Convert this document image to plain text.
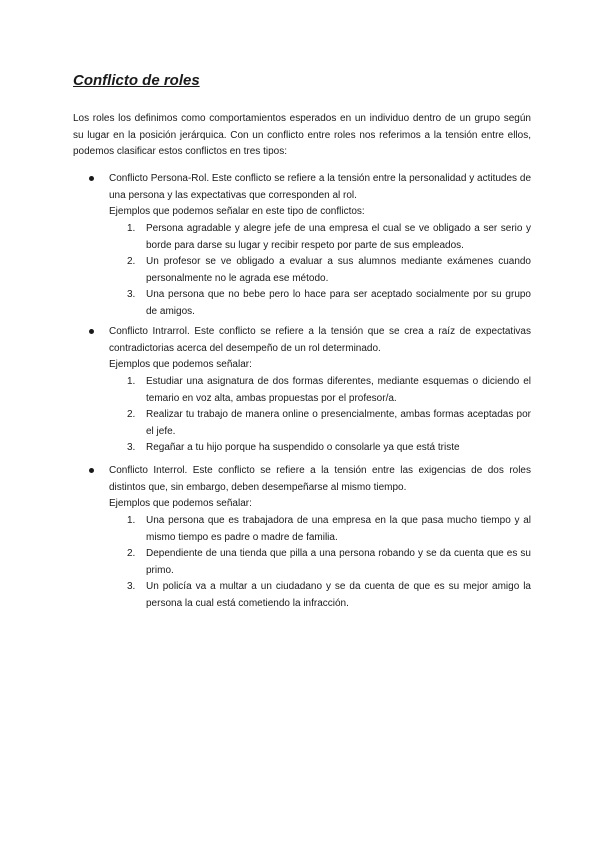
Conflicto de roles

Los roles los definimos como comportamientos esperados en un individuo dentro de un grupo según su lugar en la posición jerárquica. Con un conflicto entre roles nos referimos a la tensión entre ellos, podemos clasificar estos conflictos en tres tipos:

Conflicto Persona-Rol. Este conflicto se refiere a la tensión entre la personalidad y actitudes de una persona y las expectativas que corresponden al rol.

Ejemplos que podemos señalar en este tipo de conflictos:

1. Persona agradable y alegre jefe de una empresa el cual se ve obligado a ser serio y borde para darse su lugar y recibir respeto por parte de sus empleados.

2. Un profesor se ve obligado a evaluar a sus alumnos mediante exámenes cuando personalmente no le agrada ese método.

3. Una persona que no bebe pero lo hace para ser aceptado socialmente por su grupo de amigos.

Conflicto Intrarrol. Este conflicto se refiere a la tensión que se crea a raíz de expectativas contradictorias acerca del desempeño de un rol determinado.

Ejemplos que podemos señalar:

1. Estudiar una asignatura de dos formas diferentes, mediante esquemas o diciendo el temario en voz alta, ambas propuestas por el profesor/a.

2. Realizar tu trabajo de manera online o presencialmente, ambas formas aceptadas por el jefe.

3. Regañar a tu hijo porque ha suspendido o consolarle ya que está triste

Conflicto Interrol. Este conflicto se refiere a la tensión entre las exigencias de dos roles distintos que, sin embargo, deben desempeñarse al mismo tiempo.

Ejemplos que podemos señalar:

1. Una persona que es trabajadora de una empresa en la que pasa mucho tiempo y al mismo tiempo es padre o madre de familia.

2. Dependiente de una tienda que pilla a una persona robando y se da cuenta que es su primo.

3. Un policía va a multar a un ciudadano y se da cuenta de que es su mejor amigo la persona la cual está cometiendo la infracción.
